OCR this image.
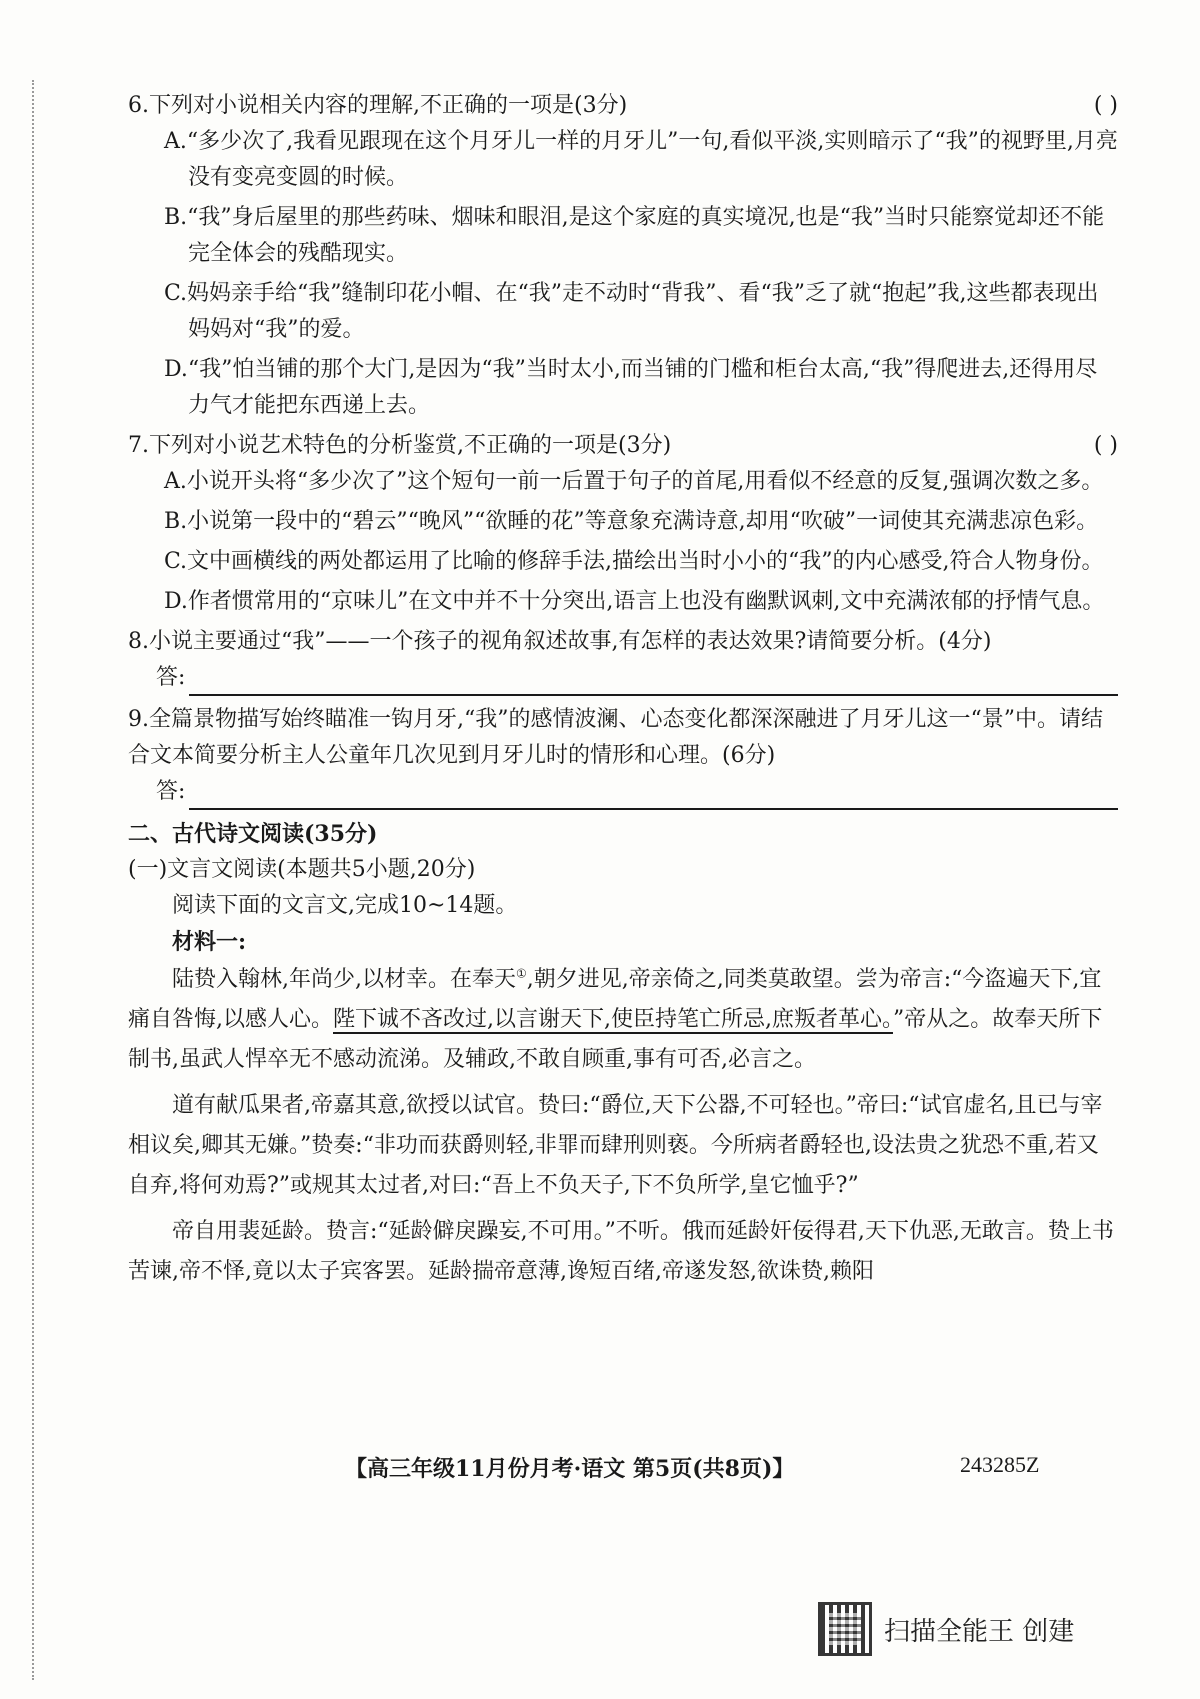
6.下列对小说相关内容的理解,不正确的一项是(3分)	( )
A.“多少次了,我看见跟现在这个月牙儿一样的月牙儿”一句,看似平淡,实则暗示了“我”的视野里,月亮没有变亮变圆的时候。
B.“我”身后屋里的那些药味、烟味和眼泪,是这个家庭的真实境况,也是“我”当时只能察觉却还不能完全体会的残酷现实。
C.妈妈亲手给“我”缝制印花小帽、在“我”走不动时“背我”、看“我”乏了就“抱起”我,这些都表现出妈妈对“我”的爱。
D.“我”怕当铺的那个大门,是因为“我”当时太小,而当铺的门槛和柜台太高,“我”得爬进去,还得用尽力气才能把东西递上去。
7.下列对小说艺术特色的分析鉴赏,不正确的一项是(3分)	( )
A.小说开头将“多少次了”这个短句一前一后置于句子的首尾,用看似不经意的反复,强调次数之多。
B.小说第一段中的“碧云”“晚风”“欲睡的花”等意象充满诗意,却用“吹破”一词使其充满悲凉色彩。
C.文中画横线的两处都运用了比喻的修辞手法,描绘出当时小小的“我”的内心感受,符合人物身份。
D.作者惯常用的“京味儿”在文中并不十分突出,语言上也没有幽默讽刺,文中充满浓郁的抒情气息。
8.小说主要通过“我”——一个孩子的视角叙述故事,有怎样的表达效果?请简要分析。(4分)
答:
9.全篇景物描写始终瞄准一钩月牙,“我”的感情波澜、心态变化都深深融进了月牙儿这一“景”中。请结合文本简要分析主人公童年几次见到月牙儿时的情形和心理。(6分)
答:
二、古代诗文阅读(35分)
(一)文言文阅读(本题共5小题,20分)
阅读下面的文言文,完成10~14题。
材料一:
陆贽入翰林,年尚少,以材幸。在奉天①,朝夕进见,帝亲倚之,同类莫敢望。尝为帝言:“今盗遍天下,宜痛自咎悔,以感人心。陛下诚不吝改过,以言谢天下,使臣持笔亡所忌,庶叛者革心。”帝从之。故奉天所下制书,虽武人悍卒无不感动流涕。及辅政,不敢自顾重,事有可否,必言之。
道有献瓜果者,帝嘉其意,欲授以试官。贽曰:“爵位,天下公器,不可轻也。”帝曰:“试官虚名,且已与宰相议矣,卿其无嫌。”贽奏:“非功而获爵则轻,非罪而肆刑则亵。今所病者爵轻也,设法贵之犹恐不重,若又自弃,将何劝焉?”或规其太过者,对曰:“吾上不负天子,下不负所学,皇它恤乎?”
帝自用裴延龄。贽言:“延龄僻戾躁妄,不可用。”不听。俄而延龄奸佞得君,天下仇恶,无敢言。贽上书苦谏,帝不怿,竟以太子宾客罢。延龄揣帝意薄,谗短百绪,帝遂发怒,欲诛贽,赖阳
【高三年级11月份月考·语文 第5页(共8页)】	243285Z
扫描全能王 创建
